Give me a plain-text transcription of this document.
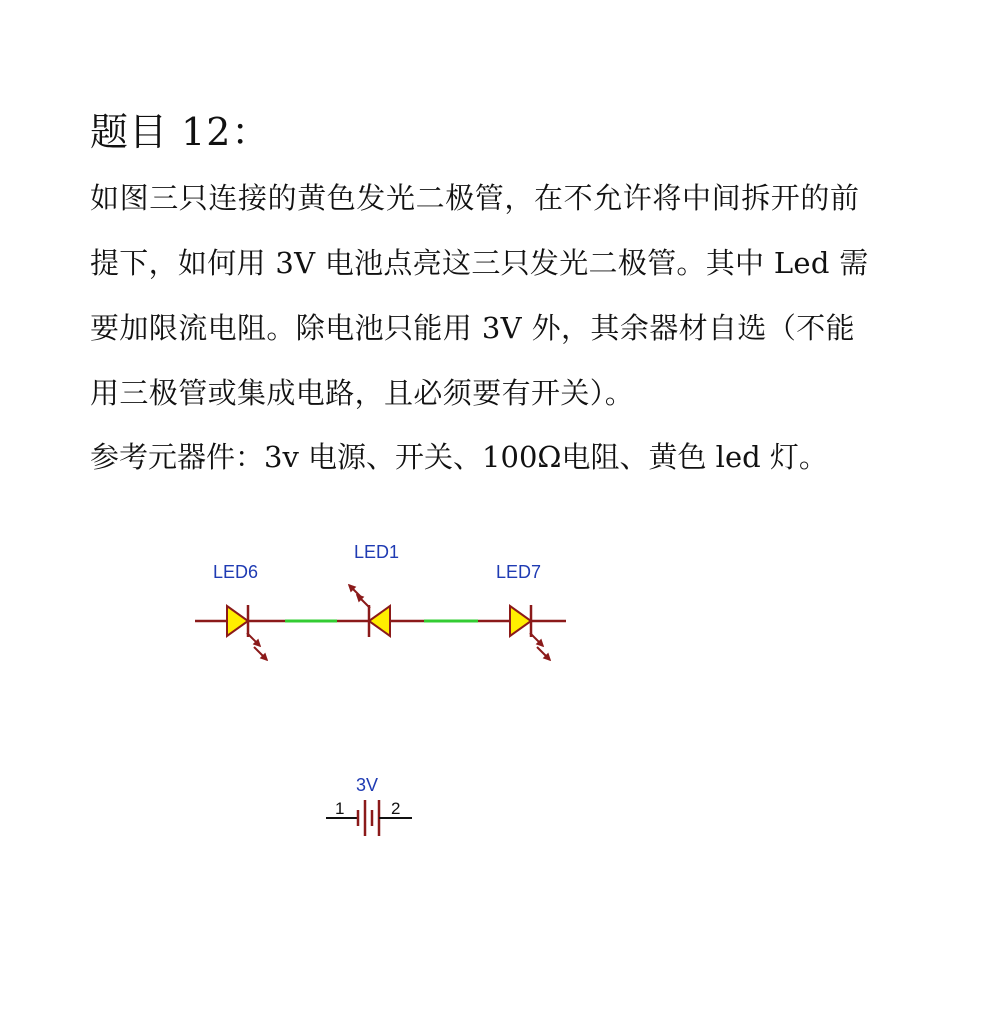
题目 12：
如图三只连接的黄色发光二极管，在不允许将中间拆开的前
提下，如何用 3V 电池点亮这三只发光二极管。其中 Led 需
要加限流电阻。除电池只能用 3V 外，其余器材自选（不能
用三极管或集成电路，且必须要有开关）。
参考元器件：3v 电源、开关、100Ω电阻、黄色 led 灯。
LED6
LED1
LED7
3V
1	2
